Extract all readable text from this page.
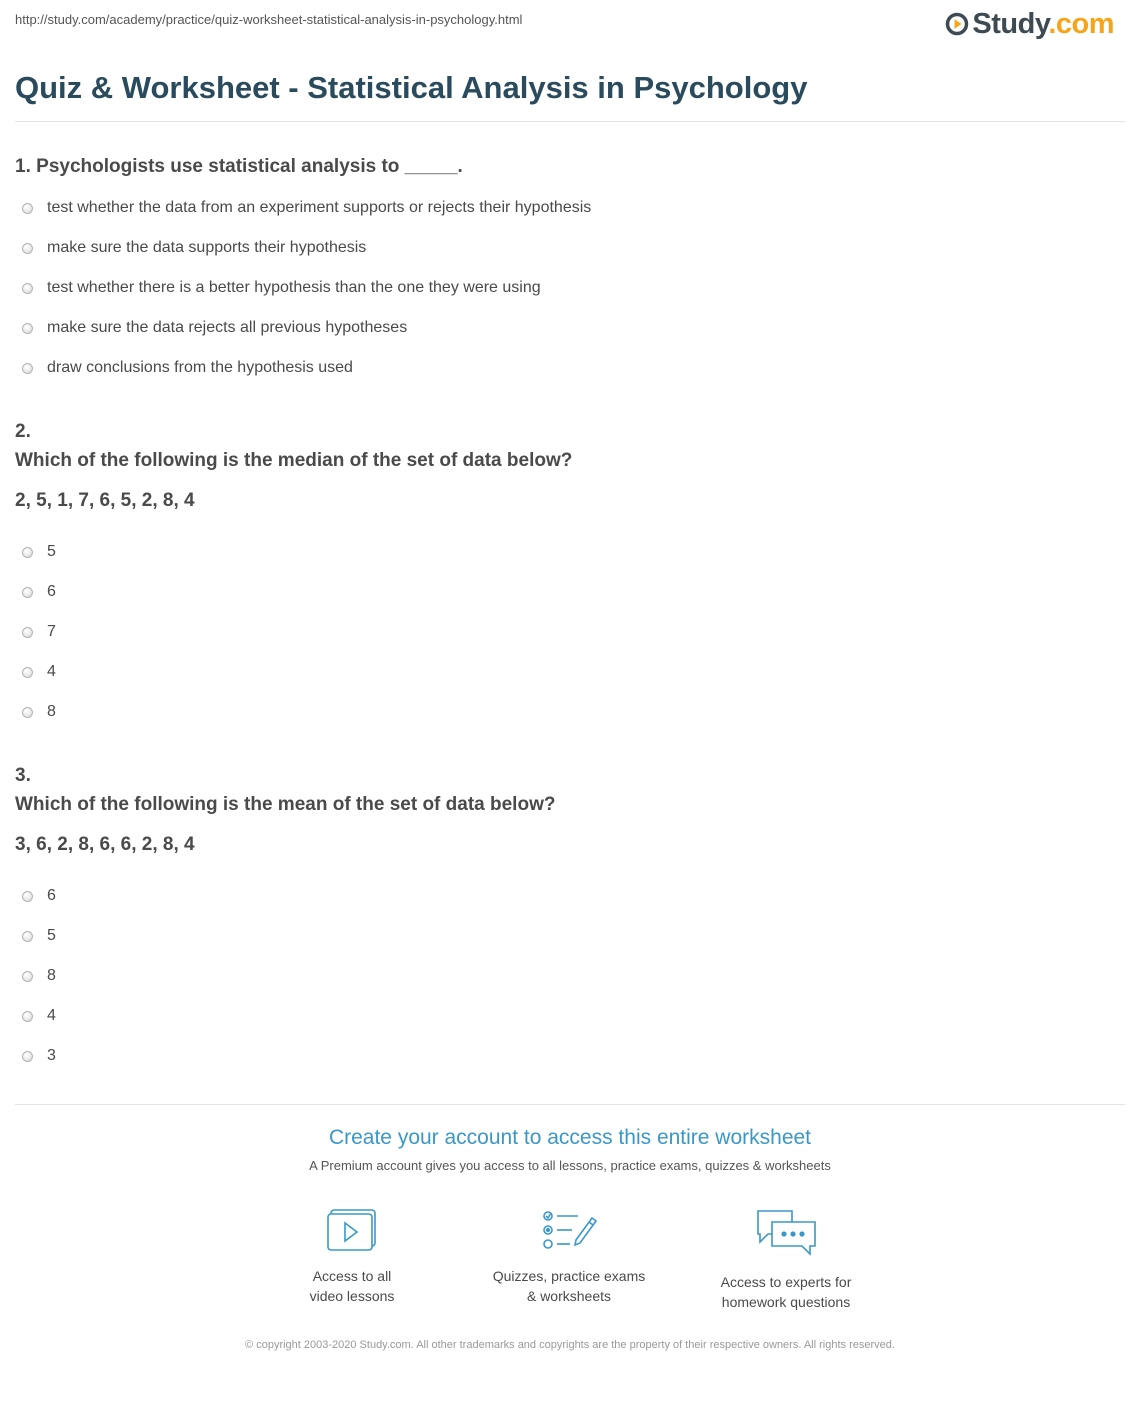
http://study.com/academy/practice/quiz-worksheet-statistical-analysis-in-psychology.html	Study.com
Quiz & Worksheet - Statistical Analysis in Psychology
1. Psychologists use statistical analysis to _____.
test whether the data from an experiment supports or rejects their hypothesis
make sure the data supports their hypothesis
test whether there is a better hypothesis than the one they were using
make sure the data rejects all previous hypotheses
draw conclusions from the hypothesis used
2.
Which of the following is the median of the set of data below?
2, 5, 1, 7, 6, 5, 2, 8, 4
5
6
7
4
8
3.
Which of the following is the mean of the set of data below?
3, 6, 2, 8, 6, 6, 2, 8, 4
6
5
8
4
3
Create your account to access this entire worksheet
A Premium account gives you access to all lessons, practice exams, quizzes & worksheets
Access to all
video lessons
Quizzes, practice exams
& worksheets
Access to experts for
homework questions
© copyright 2003-2020 Study.com. All other trademarks and copyrights are the property of their respective owners. All rights reserved.
